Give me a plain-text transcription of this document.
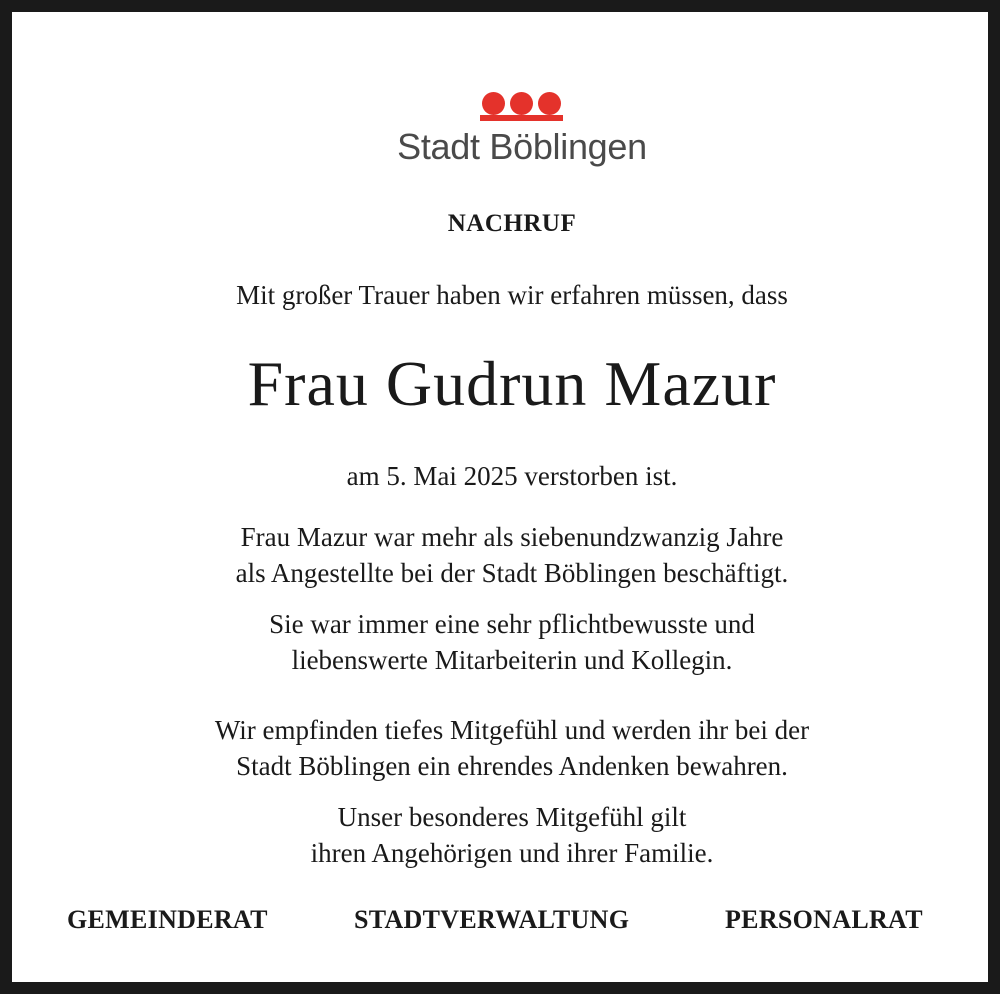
Stadt Böblingen
NACHRUF
Mit großer Trauer haben wir erfahren müssen, dass
Frau Gudrun Mazur
am 5. Mai 2025 verstorben ist.
Frau Mazur war mehr als siebenundzwanzig Jahre
als Angestellte bei der Stadt Böblingen beschäftigt.
Sie war immer eine sehr pflichtbewusste und
liebenswerte Mitarbeiterin und Kollegin.
Wir empfinden tiefes Mitgefühl und werden ihr bei der
Stadt Böblingen ein ehrendes Andenken bewahren.
Unser besonderes Mitgefühl gilt
ihren Angehörigen und ihrer Familie.
GEMEINDERAT	STADTVERWALTUNG	PERSONALRAT
